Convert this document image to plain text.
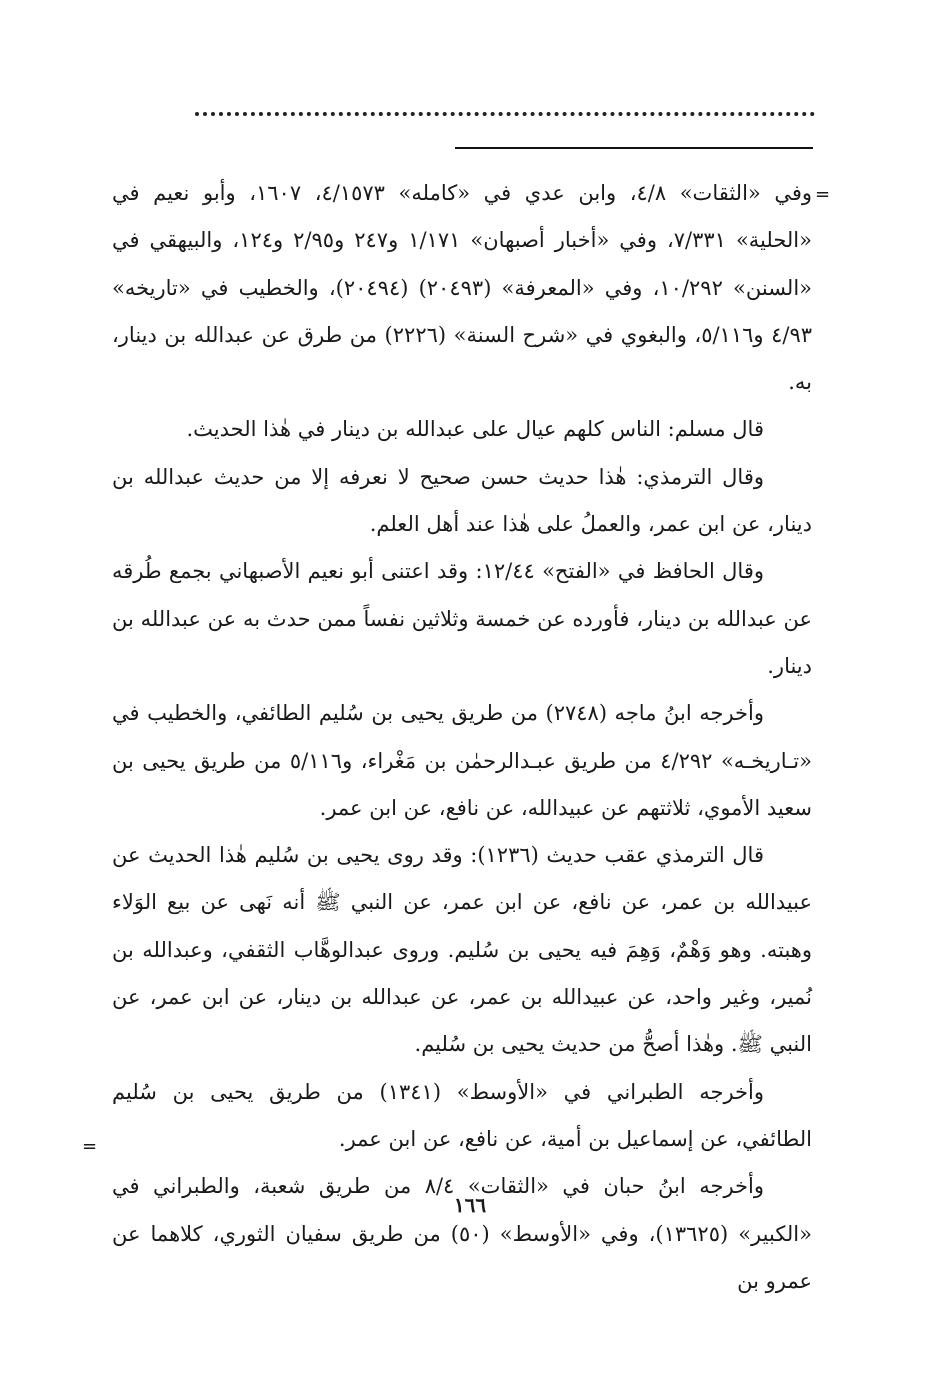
=

وفي «الثقات» ٤/٨، وابن عدي في «كامله» ٤/١٥٧٣، ١٦٠٧، وأبو نعيم في «الحلية» ٧/٣٣١، وفي «أخبار أصبهان» ١/١٧١ و٢٤٧ و٢/٩٥ و١٢٤، والبيهقي في «السنن» ١٠/٢٩٢، وفي «المعرفة» (٢٠٤٩٣) (٢٠٤٩٤)، والخطيب في «تاريخه» ٤/٩٣ و٥/١١٦، والبغوي في «شرح السنة» (٢٢٢٦) من طرق عن عبدالله بن دينار، به.

قال مسلم: الناس كلهم عيال على عبدالله بن دينار في هٰذا الحديث.

وقال الترمذي: هٰذا حديث حسن صحيح لا نعرفه إلا من حديث عبدالله بن دينار، عن ابن عمر، والعملُ على هٰذا عند أهل العلم.

وقال الحافظ في «الفتح» ١٢/٤٤: وقد اعتنى أبو نعيم الأصبهاني بجمع طُرقه عن عبدالله بن دينار، فأورده عن خمسة وثلاثين نفساً ممن حدث به عن عبدالله بن دينار.

وأخرجه ابنُ ماجه (٢٧٤٨) من طريق يحيى بن سُليم الطائفي، والخطيب في «تـاريخـه» ٤/٢٩٢ من طريق عبـدالرحمٰن بن مَغْراء، و٥/١١٦ من طريق يحيى بن سعيد الأموي، ثلاثتهم عن عبيدالله، عن نافع، عن ابن عمر.

قال الترمذي عقب حديث (١٢٣٦): وقد روى يحيى بن سُليم هٰذا الحديث عن عبيدالله بن عمر، عن نافع، عن ابن عمر، عن النبي ﷺ أنه نَهى عن بيع الوَلاء وهبته. وهو وَهْمٌ، وَهِمَ فيه يحيى بن سُليم. وروى عبدالوهَّاب الثقفي، وعبدالله بن نُمير، وغير واحد، عن عبيدالله بن عمر، عن عبدالله بن دينار، عن ابن عمر، عن النبي ﷺ. وهٰذا أصحُّ من حديث يحيى بن سُليم.

وأخرجه الطبراني في «الأوسط» (١٣٤١) من طريق يحيى بن سُليم الطائفي، عن إسماعيل بن أمية، عن نافع، عن ابن عمر.

وأخرجه ابنُ حبان في «الثقات» ٨/٤ من طريق شعبة، والطبراني في «الكبير» (١٣٦٢٥)، وفي «الأوسط» (٥٠) من طريق سفيان الثوري، كلاهما عن عمرو بن

=
١٦٦
